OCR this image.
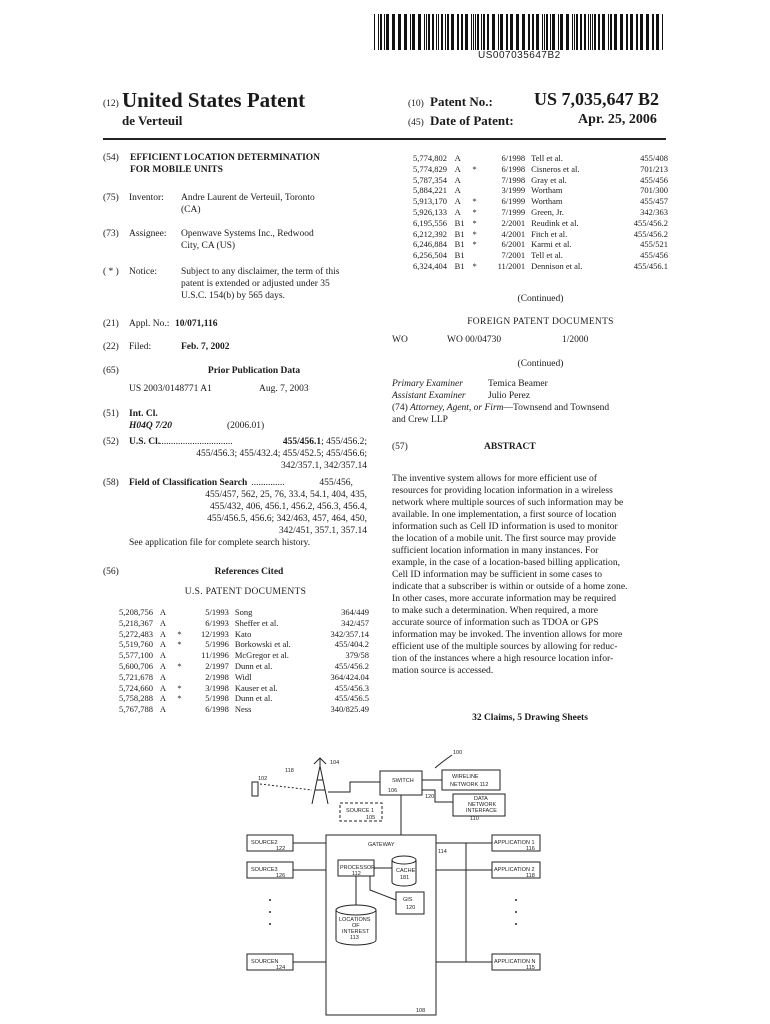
US007035647B2
(12) United States Patent
de Verteuil
(10) Patent No.: US 7,035,647 B2
(45) Date of Patent:	Apr. 25, 2006
(54)	EFFICIENT LOCATION DETERMINATION
FOR MOBILE UNITS
(75)	Inventor:	Andre Laurent de Verteuil, Toronto
(CA)
(73)	Assignee:	Openwave Systems Inc., Redwood
City, CA (US)
( * )	Notice:	Subject to any disclaimer, the term of this
patent is extended or adjusted under 35
U.S.C. 154(b) by 565 days.
(21)	Appl. No.: 10/071,116
(22)	Filed:	Feb. 7, 2002
(65)	Prior Publication Data
US 2003/0148771 A1	Aug. 7, 2003
(51)	Int. Cl.
H04Q 7/20	(2006.01)
(52)	U.S. Cl.
...............................	455/456.1 ; 455/456.2;
455/456.3; 455/432.4; 455/452.5; 455/456.6;
342/357.1, 342/357.14
(58)	Field of Classification Search ..............	455/456,
455/457, 562, 25, 76, 33.4, 54.1, 404, 435,
455/432, 406, 456.1, 456.2, 456.3, 456.4,
455/456.5, 456.6; 342/463, 457, 464, 450,
342/451, 357.1, 357.14
See application file for complete search history.
(56)	References Cited
U.S. PATENT DOCUMENTS
5,208,756 A	5/1993 Song	364/449
5,218,367 A	6/1993 Sheffer et al.	342/457
5,272,483 A	*	12/1993 Kato	342/357.14
5,519,760 A	*	5/1996 Borkowski et al.	455/404.2
5,577,100 A	11/1996 McGregor et al.	379/58
5,600,706 A	*	2/1997 Dunn et al.	455/456.2
5,721,678 A	2/1998 Widl	364/424.04
5,724,660 A	*	3/1998 Kauser et al.	455/456.3
5,758,288 A	*	5/1998 Dunn et al.	455/456.5
5,767,788 A	6/1998 Ness	340/825.49
5,774,802 A	6/1998 Tell et al.	455/408
5,774,829 A	*	6/1998 Cisneros et al.	701/213
5,787,354 A	7/1998 Gray et al.	455/456
5,884,221 A	3/1999 Wortham	701/300
5,913,170 A	*	6/1999 Wortham	455/457
5,926,133 A	*	7/1999 Green, Jr.	342/363
6,195,556 B1 *	2/2001 Reudink et al.	455/456.2
6,212,392 B1 *	4/2001 Fitch et al.	455/456.2
6,246,884 B1 *	6/2001 Karmi et al.	455/521
6,256,504 B1	7/2001 Tell et al.	455/456
6,324,404 B1 *	11/2001 Dennison et al.	455/456.1
(Continued)
FOREIGN PATENT DOCUMENTS
WO	WO 00/04730	1/2000
(Continued)
Primary Examiner	Temica Beamer
Assistant Examiner	Julio Perez
(74) Attorney, Agent, or Firm —Townsend and Townsend
and Crew LLP
(57)	ABSTRACT
The inventive system allows for more efficient use of
resources for providing location information in a wireless
network where multiple sources of such information may be
available. In one implementation, a first source of location
information such as Cell ID information is used to monitor
the location of a mobile unit. The first source may provide
sufficient location information in many instances. For
example, in the case of a location-based billing application,
Cell ID information may be sufficient in some cases to
indicate that a subscriber is within or outside of a home zone.
In other cases, more accurate information may be required
to make such a determination. When required, a more
accurate source of information such as TDOA or GPS
information may be invoked. The invention allows for more
efficient use of the multiple sources by allowing for reduc-
tion of the instances where a high resource location infor-
mation source is accessed.
32 Claims, 5 Drawing Sheets
100
102
118
104
SWITCH
106
WIRELINE
NETWORK 112
120	DATA
NETWORK
INTERFACE
110
SOURCE 1
105
GATEWAY
PROCESSOR
112	CACHE
181
GIS
120
LOCATIONS
OF
INTEREST
113
108
SOURCE2
122
SOURCE3
126
SOURCEN
124
114
APPLICATION 1
116
APPLICATION 2
118
APPLICATION N
115
